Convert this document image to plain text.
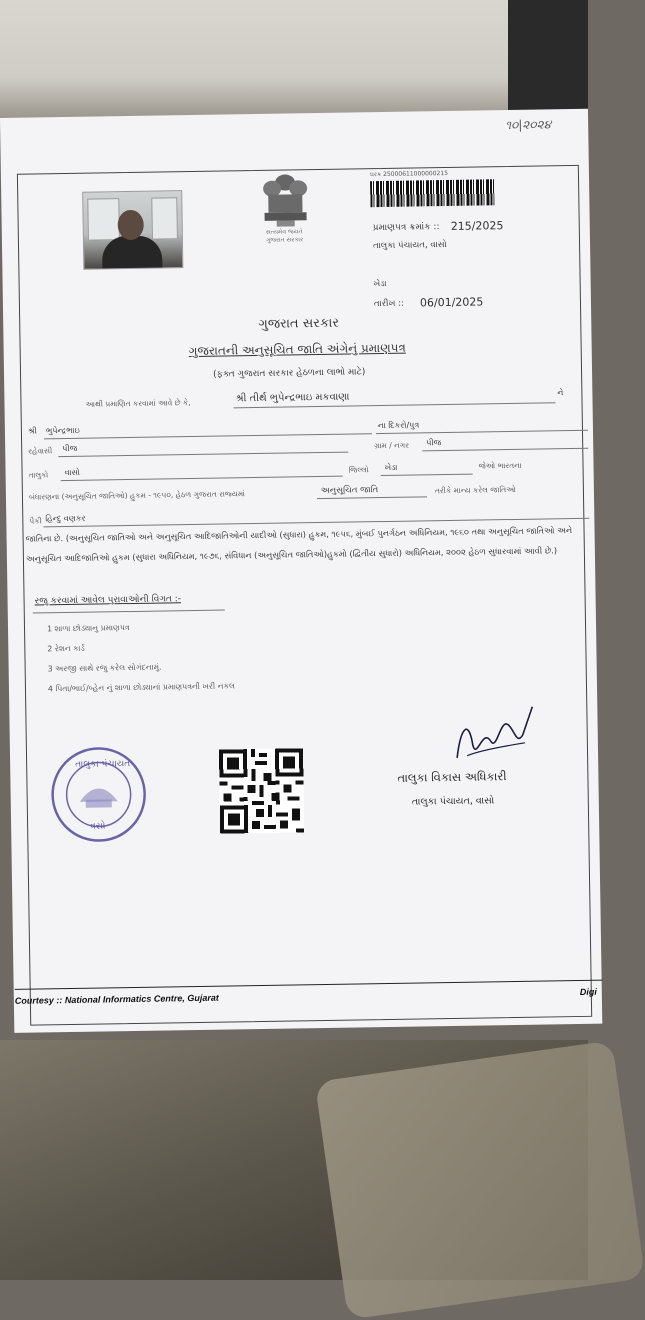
૧૦|૨૦૨૪
સત્યમેવ જયતે
ગુજરાત સરકાર
ઘરક્ર 25000611000000215
પ્રમાણપત્ર ક્રમાંક :: 215/2025
તાલુકા પંચાયત, વાસો
ખેડા
તારીખ :: 06/01/2025
ગુજરાત સરકાર
ગુજરાતની અનુસૂચિત જાતિ અંગેનું પ્રમાણપત્ર
(ફક્ત ગુજરાત સરકાર હેઠળના લાભો માટે)
આથી પ્રમાણિત કરવામાં આવે છે કે,	શ્રી તીર્થ ભુપેન્દ્રભાઇ મકવાણા	ને
શ્રી ભુપેન્દ્રભાઇ
ના દિકરો/પુત્ર
રહેવાસી પીજ	ગ્રામ / નગર પીજ
તાલુકો વાસો	જિલ્લો ખેડા	જેઓ ભારતના
બંધારણના (અનુસૂચિત જાતિઓ) હુકમ - ૧૯૫૦, હેઠળ ગુજરાત રાજ્યમાં	અનુસૂચિત જાતિ	તરીકે માન્ય કરેલ જાતિઓ
પૈકી હિન્દુ વણકર
જાતિના છે. (અનુસૂચિત જાતિઓ અને અનુસૂચિત આદિજાતિઓની યાદીઓ (સુધારા) હુકમ, ૧૯૫૬, મુંબઈ પુનર્ગઠન અધિનિયમ, ૧૯૬૦ તથા અનુસૂચિત જાતિઓ અને અનુસૂચિત આદિજાતિઓ હુકમ (સુધારા અધિનિયમ, ૧૯૭૬, સંવિધાન (અનુસૂચિત જાતિઓ)હુકમો (દ્વિતીય સુધારો) અધિનિયમ, ૨૦૦૨ હેઠળ સુધારવામાં આવી છે.)
રજુ કરવામાં આવેલ પુરાવાઓની વિગત :-
1 શાળા છોડ્યાનુ પ્રમાણપત્ર
2 રેશન કાર્ડ
3 અરજી સાથે રજુ કરેલ સોગંદનામું.
4 પિતા/ભાઈ/બ્હેન નું શાળા છોડ્યાનાં પ્રમાણપત્રની ખરી નકલ
તાલુકા પંચાયત
વસો
તાલુકા વિકાસ અધિકારી
તાલુકા પંચાયત, વાસો
Courtesy :: National Informatics Centre, Gujarat
Digi
